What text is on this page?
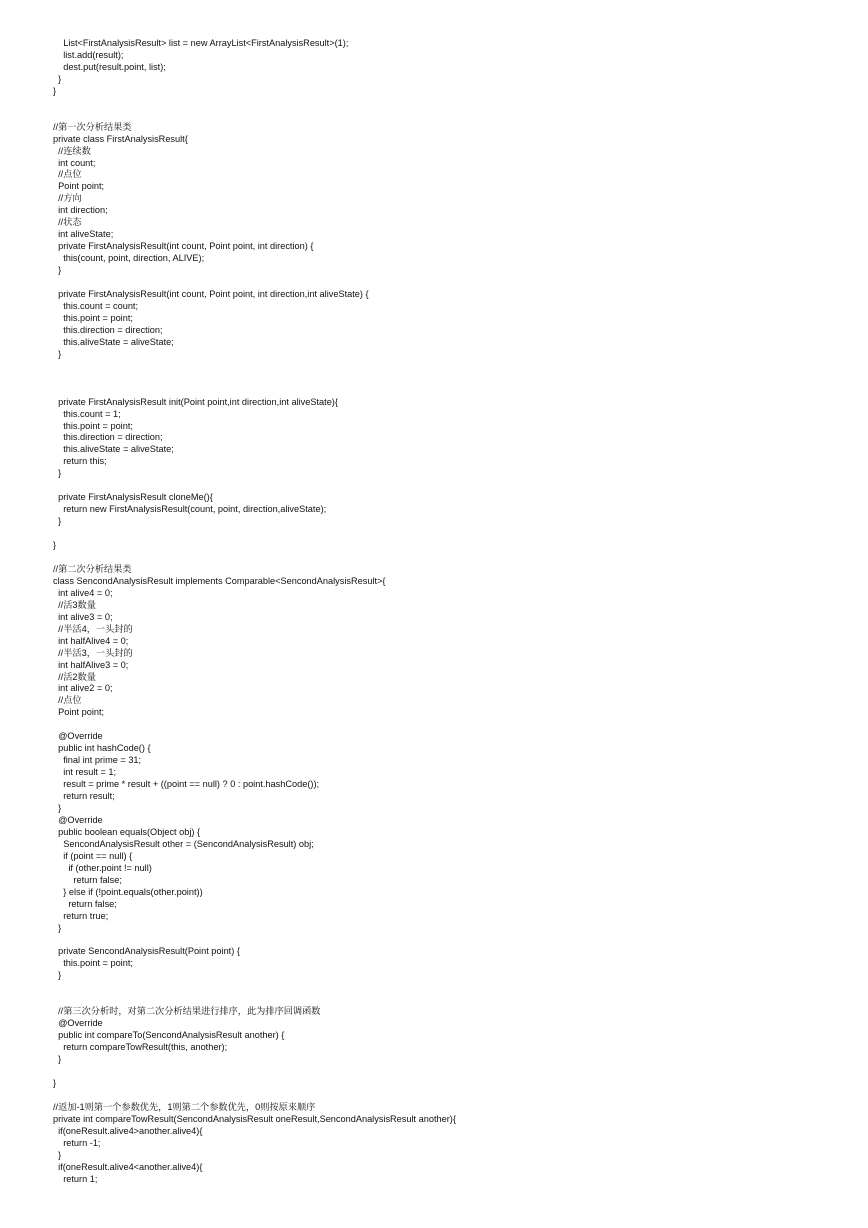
List<FirstAnalysisResult> list = new ArrayList<FirstAnalysisResult>(1);
list.add(result);
dest.put(result.point, list);
}
}
//第一次分析结果类
private class FirstAnalysisResult{
//连续数
int count;
//点位
Point point;
//方向
int direction;
//状态
int aliveState;
private FirstAnalysisResult(int count, Point point, int direction) {
this(count, point, direction, ALIVE);
}
private FirstAnalysisResult(int count, Point point, int direction,int aliveState) {
this.count = count;
this.point = point;
this.direction = direction;
this.aliveState = aliveState;
}
private FirstAnalysisResult init(Point point,int direction,int aliveState){
this.count = 1;
this.point = point;
this.direction = direction;
this.aliveState = aliveState;
return this;
}
private FirstAnalysisResult cloneMe(){
return new FirstAnalysisResult(count, point, direction,aliveState);
}
}
//第二次分析结果类
class SencondAnalysisResult implements Comparable<SencondAnalysisResult>{
int alive4 = 0;
//活3数量
int alive3 = 0;
//半活4，一头封的
int halfAlive4 = 0;
//半活3，一头封的
int halfAlive3 = 0;
//活2数量
int alive2 = 0;
//点位
Point point;
@Override
public int hashCode() {
final int prime = 31;
int result = 1;
result = prime * result + ((point == null) ? 0 : point.hashCode());
return result;
}
@Override
public boolean equals(Object obj) {
SencondAnalysisResult other = (SencondAnalysisResult) obj;
if (point == null) {
if (other.point != null)
return false;
} else if (!point.equals(other.point))
return false;
return true;
}
private SencondAnalysisResult(Point point) {
this.point = point;
}
//第三次分析时，对第二次分析结果进行排序，此为排序回调函数
@Override
public int compareTo(SencondAnalysisResult another) {
return compareTowResult(this, another);
}
}
//返加-1则第一个参数优先，1则第二个参数优先，0则按原来顺序
private int compareTowResult(SencondAnalysisResult oneResult,SencondAnalysisResult another){
if(oneResult.alive4>another.alive4){
return -1;
}
if(oneResult.alive4<another.alive4){
return 1;
